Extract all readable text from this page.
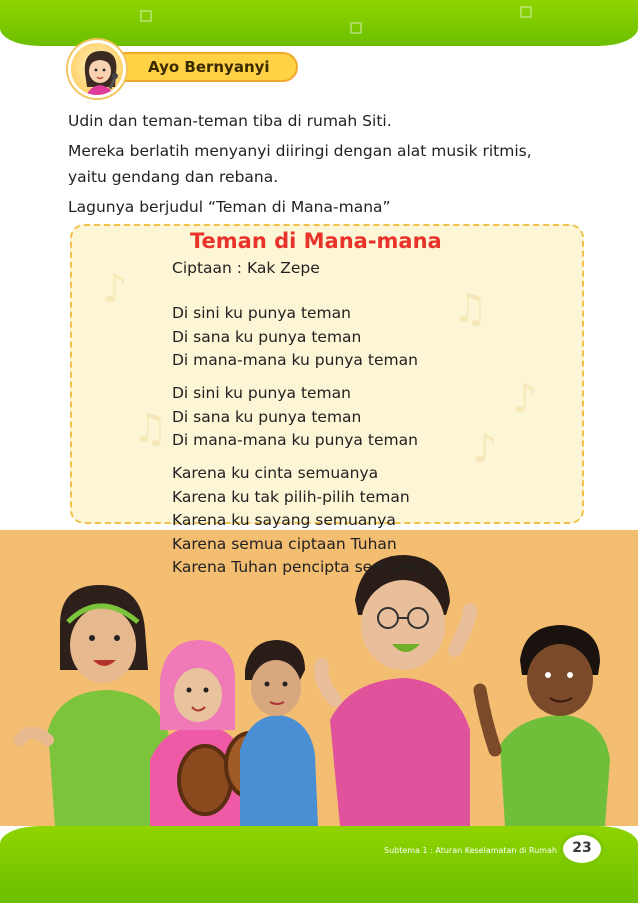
Ayo Bernyanyi

Udin dan teman-teman tiba di rumah Siti.

Mereka berlatih menyanyi diiringi dengan alat musik ritmis, yaitu gendang dan rebana.

Lagunya berjudul “Teman di Mana-mana”

♪	♫
♪
♫	♪
Teman di Mana-mana
Ciptaan : Kak Zepe
Di sini ku punya teman
Di sana ku punya teman
Di mana-mana ku punya teman
Di sini ku punya teman
Di sana ku punya teman
Di mana-mana ku punya teman
Karena ku cinta semuanya
Karena ku tak pilih-pilih teman
Karena ku sayang semuanya
Karena semua ciptaan Tuhan
Karena Tuhan pencipta semuanya
Subtema 1 : Aturan Keselamatan di Rumah	23
